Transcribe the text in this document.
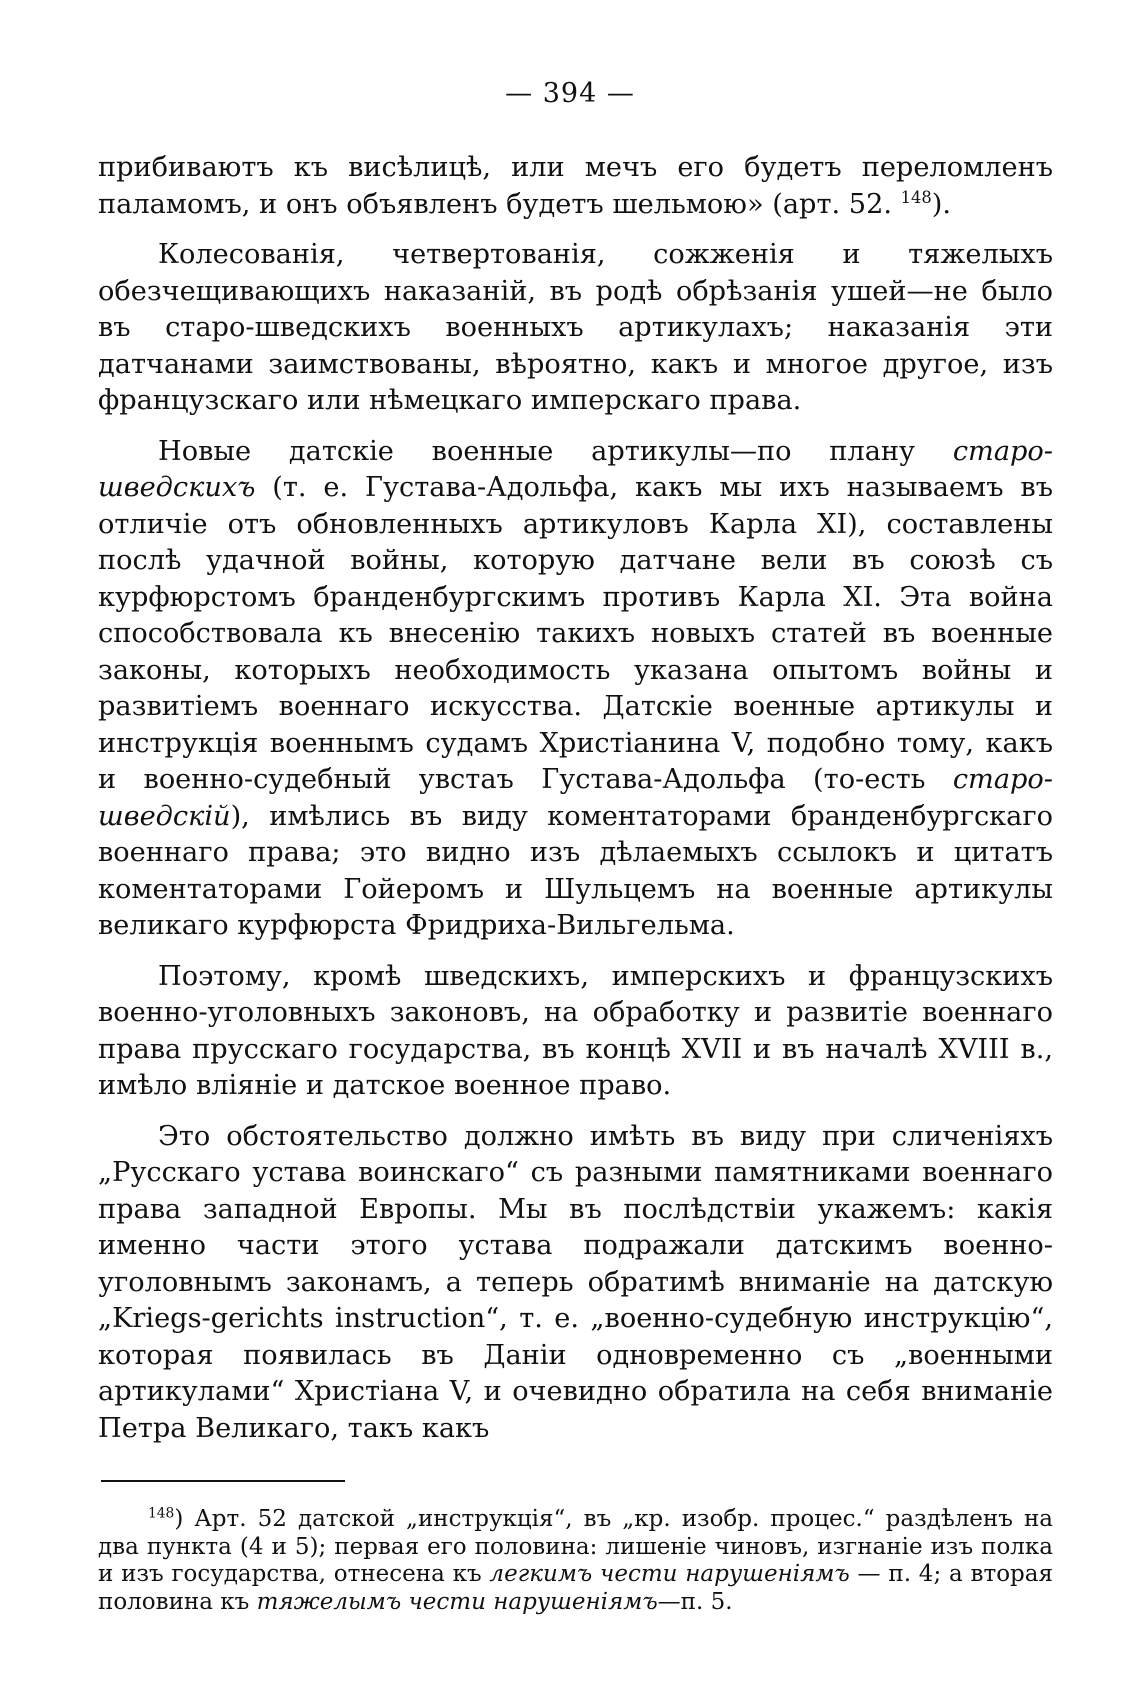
— 394 —

прибиваютъ къ висѣлицѣ, или мечъ его будетъ переломленъ паламомъ, и онъ объявленъ будетъ шельмою» (арт. 52. $^{148}$).

Колесованія, четвертованія, сожженія и тяжелыхъ обезчещивающихъ наказаній, въ родѣ обрѣзанія ушей—не было въ старо-шведскихъ военныхъ артикулахъ; наказанія эти датчанами заимствованы, вѣроятно, какъ и многое другое, изъ французскаго или нѣмецкаго имперскаго права.

Новые датскіе военные артикулы—по плану старо-шведскихъ (т. е. Густава-Адольфа, какъ мы ихъ называемъ въ отличіе отъ обновленныхъ артикуловъ Карла XI), составлены послѣ удачной войны, которую датчане вели въ союзѣ съ курфюрстомъ бранденбургскимъ противъ Карла XI. Эта война способствовала къ внесенію такихъ новыхъ статей въ военные законы, которыхъ необходимость указана опытомъ войны и развитіемъ военнаго искусства. Датскіе военные артикулы и инструкція военнымъ судамъ Христіанина V, подобно тому, какъ и военно-судебный увстаъ Густава-Адольфа (то-есть старо-шведскій), имѣлись въ виду коментаторами бранденбургскаго военнаго права; это видно изъ дѣлаемыхъ ссылокъ и цитатъ коментаторами Гойеромъ и Шульцемъ на военные артикулы великаго курфюрста Фридриха-Вильгельма.

Поэтому, кромѣ шведскихъ, имперскихъ и французскихъ военно-уголовныхъ законовъ, на обработку и развитіе военнаго права прусскаго государства, въ концѣ XVII и въ началѣ XVIII в., имѣло вліяніе и датское военное право.

Это обстоятельство должно имѣть въ виду при сличеніяхъ „Русскаго устава воинскаго“ съ разными памятниками военнаго права западной Европы. Мы въ послѣдствіи укажемъ: какія именно части этого устава подражали датскимъ военно-уголовнымъ законамъ, а теперь обратимѣ вниманіе на датскую „Kriegs-gerichts instruction“, т. е. „военно-судебную инструкцію“, которая появилась въ Даніи одновременно съ „военными артикулами“ Христіана V, и очевидно обратила на себя вниманіе Петра Великаго, такъ какъ

$^{148}$) Арт. 52 датской „инструкція“, въ „кр. изобр. процес.“ раздѣленъ на два пункта (4 и 5); первая его половина: лишеніе чиновъ, изгнаніе изъ полка и изъ государства, отнесена къ легкимъ чести нарушеніямъ — п. 4; а вторая половина къ тяжелымъ чести нарушеніямъ—п. 5.
